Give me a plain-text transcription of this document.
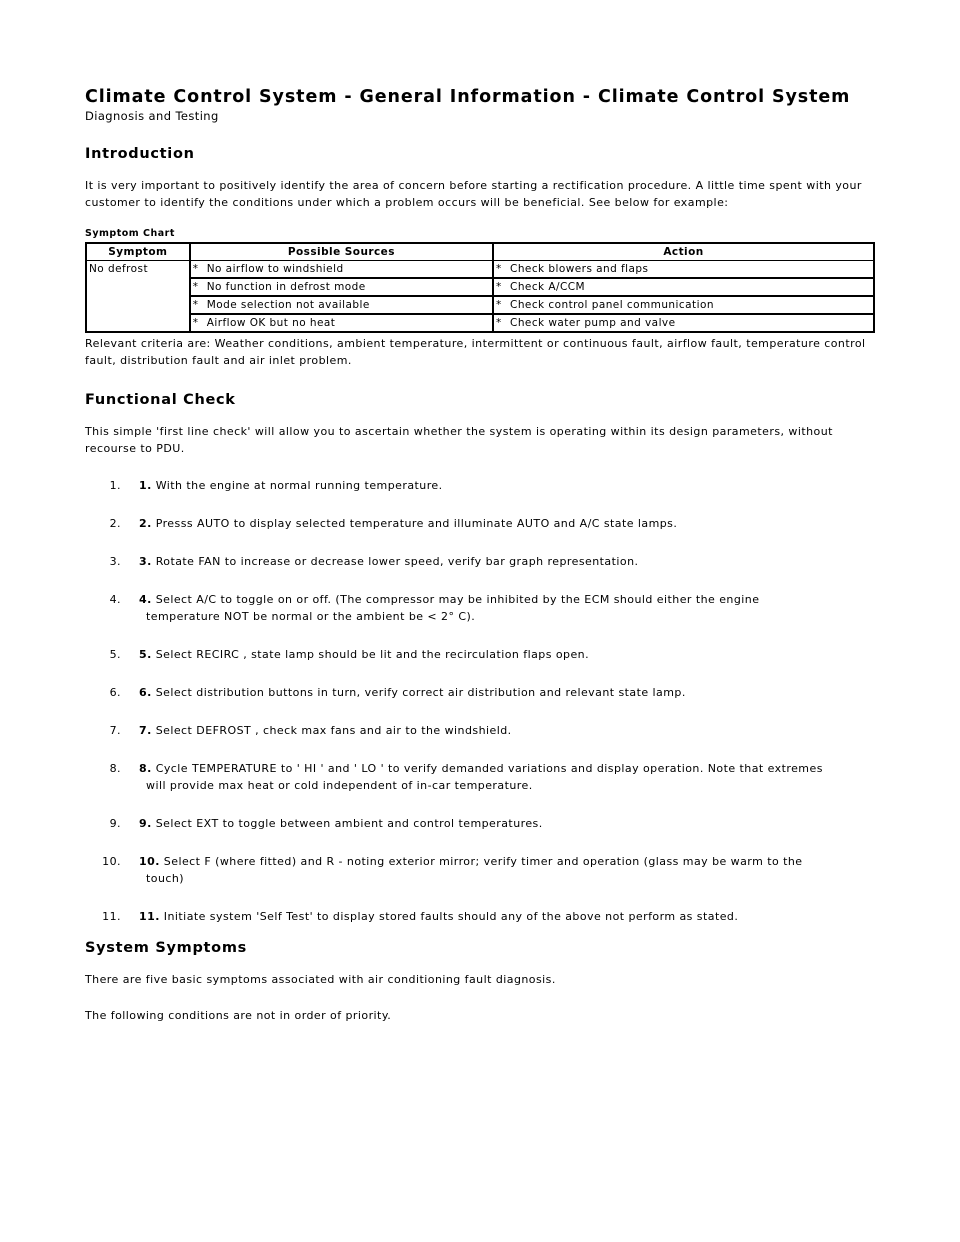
Climate Control System - General Information - Climate Control System
Diagnosis and Testing
Introduction

It is very important to positively identify the area of concern before starting a rectification procedure. A little time spent with your customer to identify the conditions under which a problem occurs will be beneficial. See below for example:

Symptom Chart
Symptom	Possible Sources	Action
No defrost	* No airflow to windshield	* Check blowers and flaps
	* No function in defrost mode	* Check A/CCM
	* Mode selection not available	* Check control panel communication
	* Airflow OK but no heat	* Check water pump and valve

Relevant criteria are: Weather conditions, ambient temperature, intermittent or continuous fault, airflow fault, temperature control fault, distribution fault and air inlet problem.

Functional Check

This simple 'first line check' will allow you to ascertain whether the system is operating within its design parameters, without recourse to PDU.

1. 1. With the engine at normal running temperature.
2. 2. Presss AUTO to display selected temperature and illuminate AUTO and A/C state lamps.
3. 3. Rotate FAN to increase or decrease lower speed, verify bar graph representation.
4. 4. Select A/C to toggle on or off. (The compressor may be inhibited by the ECM should either the engine
temperature NOT be normal or the ambient be < 2° C).
5. 5. Select RECIRC , state lamp should be lit and the recirculation flaps open.
6. 6. Select distribution buttons in turn, verify correct air distribution and relevant state lamp.
7. 7. Select DEFROST , check max fans and air to the windshield.
8. 8. Cycle TEMPERATURE to ' HI ' and ' LO ' to verify demanded variations and display operation. Note that extremes
will provide max heat or cold independent of in-car temperature.
9. 9. Select EXT to toggle between ambient and control temperatures.
10. 10. Select F (where fitted) and R - noting exterior mirror; verify timer and operation (glass may be warm to the
touch)
11. 11. Initiate system 'Self Test' to display stored faults should any of the above not perform as stated.
System Symptoms

There are five basic symptoms associated with air conditioning fault diagnosis.

The following conditions are not in order of priority.
